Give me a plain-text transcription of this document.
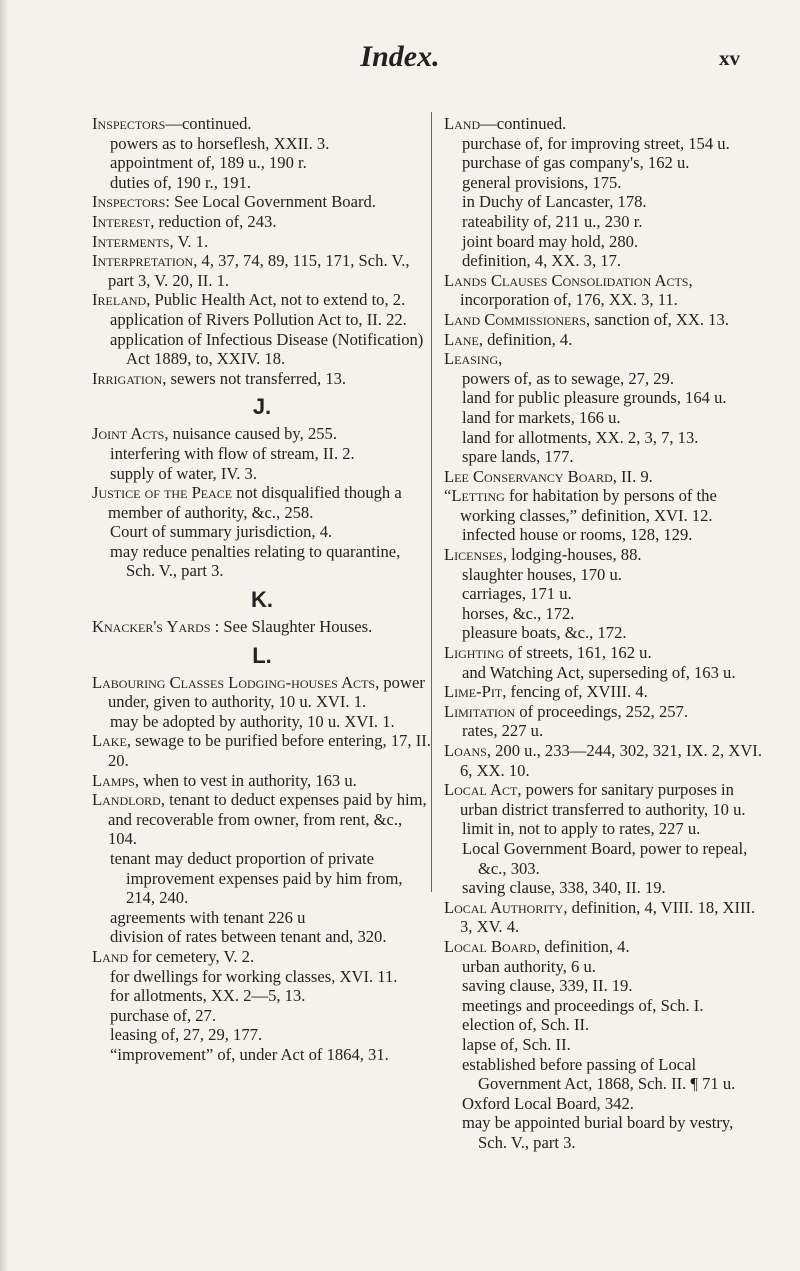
Index.	xv

Inspectors—continued.

powers as to horseflesh, XXII. 3.

appointment of, 189 u., 190 r.

duties of, 190 r., 191.

Inspectors: See Local Government Board.

Interest, reduction of, 243.

Interments, V. 1.

Interpretation, 4, 37, 74, 89, 115, 171, Sch. V., part 3, V. 20, II. 1.

Ireland, Public Health Act, not to extend to, 2.

application of Rivers Pollution Act to, II. 22.

application of Infectious Disease (Notification) Act 1889, to, XXIV. 18.

Irrigation, sewers not transferred, 13.

J.

Joint Acts, nuisance caused by, 255.

interfering with flow of stream, II. 2.

supply of water, IV. 3.

Justice of the Peace not disqualified though a member of authority, &c., 258.

Court of summary jurisdiction, 4.

may reduce penalties relating to quarantine, Sch. V., part 3.

K.

Knacker's Yards : See Slaughter Houses.

L.

Labouring Classes Lodging-houses Acts, power under, given to authority, 10 u. XVI. 1.

may be adopted by authority, 10 u. XVI. 1.

Lake, sewage to be purified before entering, 17, II. 20.

Lamps, when to vest in authority, 163 u.

Landlord, tenant to deduct expenses paid by him, and recoverable from owner, from rent, &c., 104.

tenant may deduct proportion of private improvement expenses paid by him from, 214, 240.

agreements with tenant 226 u

division of rates between tenant and, 320.

Land for cemetery, V. 2.

for dwellings for working classes, XVI. 11.

for allotments, XX. 2—5, 13.

purchase of, 27.

leasing of, 27, 29, 177.

“improvement” of, under Act of 1864, 31.

Land—continued.

purchase of, for improving street, 154 u.

purchase of gas company's, 162 u.

general provisions, 175.

in Duchy of Lancaster, 178.

rateability of, 211 u., 230 r.

joint board may hold, 280.

definition, 4, XX. 3, 17.

Lands Clauses Consolidation Acts, incorporation of, 176, XX. 3, 11.

Land Commissioners, sanction of, XX. 13.

Lane, definition, 4.

Leasing,

powers of, as to sewage, 27, 29.

land for public pleasure grounds, 164 u.

land for markets, 166 u.

land for allotments, XX. 2, 3, 7, 13.

spare lands, 177.

Lee Conservancy Board, II. 9.

“Letting for habitation by persons of the working classes,” definition, XVI. 12.

infected house or rooms, 128, 129.

Licenses, lodging-houses, 88.

slaughter houses, 170 u.

carriages, 171 u.

horses, &c., 172.

pleasure boats, &c., 172.

Lighting of streets, 161, 162 u.

and Watching Act, superseding of, 163 u.

Lime-Pit, fencing of, XVIII. 4.

Limitation of proceedings, 252, 257.

rates, 227 u.

Loans, 200 u., 233—244, 302, 321, IX. 2, XVI. 6, XX. 10.

Local Act, powers for sanitary purposes in urban district transferred to authority, 10 u.

limit in, not to apply to rates, 227 u.

Local Government Board, power to repeal, &c., 303.

saving clause, 338, 340, II. 19.

Local Authority, definition, 4, VIII. 18, XIII. 3, XV. 4.

Local Board, definition, 4.

urban authority, 6 u.

saving clause, 339, II. 19.

meetings and proceedings of, Sch. I.

election of, Sch. II.

lapse of, Sch. II.

established before passing of Local Government Act, 1868, Sch. II. ¶ 71 u.

Oxford Local Board, 342.

may be appointed burial board by vestry, Sch. V., part 3.
